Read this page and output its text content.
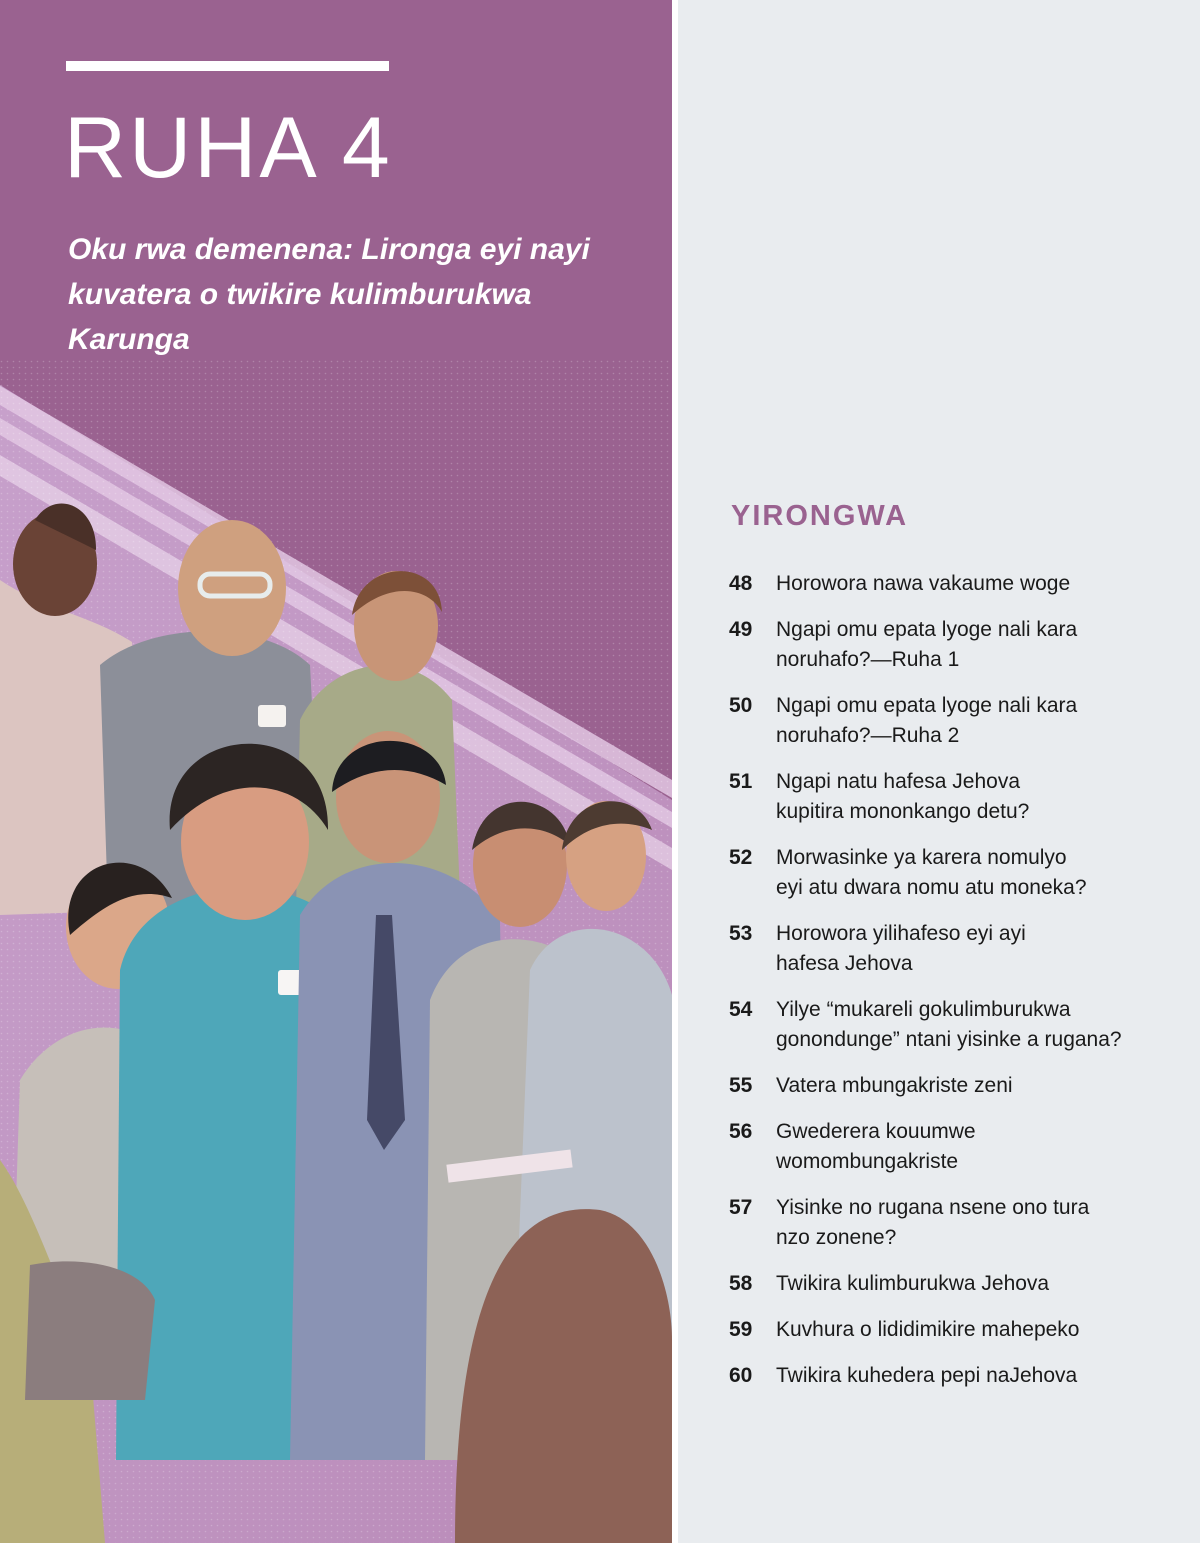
RUHA 4

Oku rwa demenena: Lironga eyi nayi kuvatera o twikire kulimburukwa Karunga

YIRONGWA
48	Horowora nawa vakaume woge
49	Ngapi omu epata lyoge nali kara
noruhafo?—Ruha 1
50	Ngapi omu epata lyoge nali kara
noruhafo?—Ruha 2
51	Ngapi natu hafesa Jehova
kupitira mononkango detu?
52	Morwasinke ya karera nomulyo
eyi atu dwara nomu atu moneka?
53	Horowora yilihafeso eyi ayi
hafesa Jehova
54	Yilye “mukareli gokulimburukwa
gonondunge” ntani yisinke a rugana?
55	Vatera mbungakriste zeni
56	Gwederera kouumwe
womombungakriste
57	Yisinke no rugana nsene ono tura
nzo zonene?
58	Twikira kulimburukwa Jehova
59	Kuvhura o lididimikire mahepeko
60	Twikira kuhedera pepi naJehova
